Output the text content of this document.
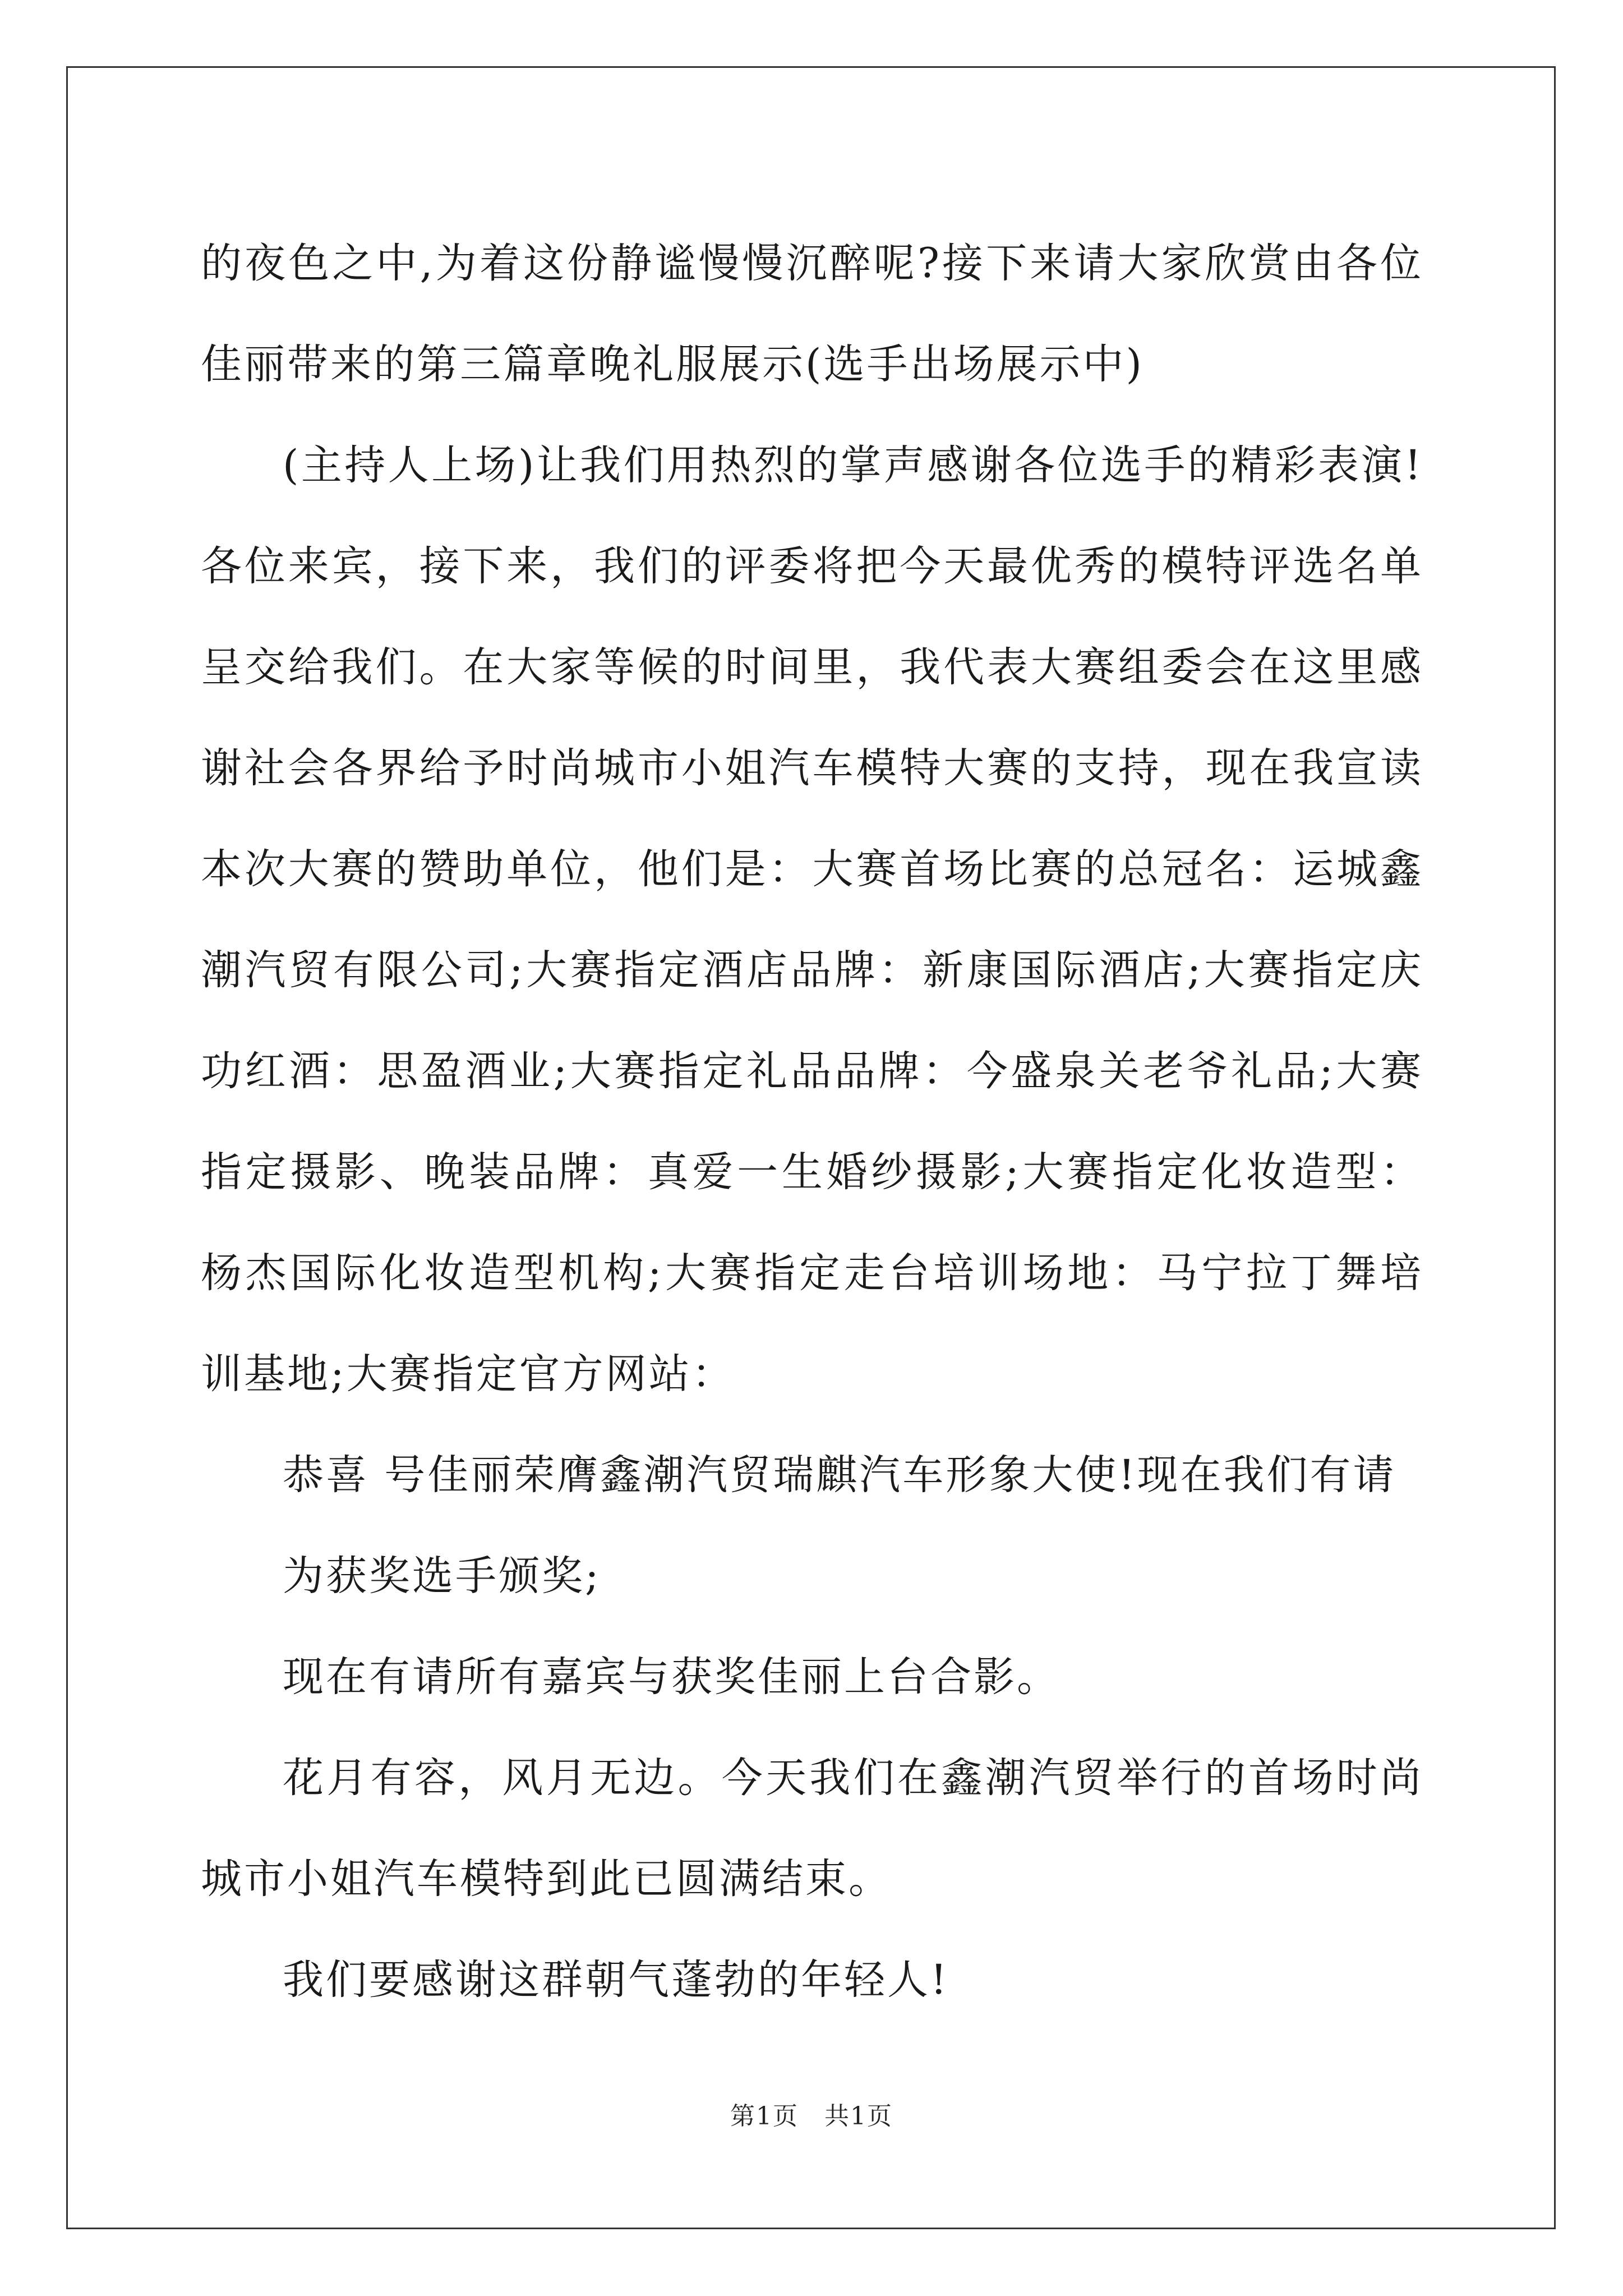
的夜色之中,为着这份静谧慢慢沉醉呢?接下来请大家欣赏由各位佳丽带来的第三篇章晚礼服展示(选手出场展示中)

(主持人上场)让我们用热烈的掌声感谢各位选手的精彩表演!各位来宾，接下来，我们的评委将把今天最优秀的模特评选名单呈交给我们。在大家等候的时间里，我代表大赛组委会在这里感谢社会各界给予时尚城市小姐汽车模特大赛的支持，现在我宣读本次大赛的赞助单位，他们是：大赛首场比赛的总冠名：运城鑫潮汽贸有限公司;大赛指定酒店品牌：新康国际酒店;大赛指定庆功红酒：思盈酒业;大赛指定礼品品牌：今盛泉关老爷礼品;大赛指定摄影、晚装品牌：真爱一生婚纱摄影;大赛指定化妆造型：杨杰国际化妆造型机构;大赛指定走台培训场地：马宁拉丁舞培训基地;大赛指定官方网站：

恭喜 号佳丽荣膺鑫潮汽贸瑞麒汽车形象大使!现在我们有请

为获奖选手颁奖;

现在有请所有嘉宾与获奖佳丽上台合影。

花月有容，风月无边。今天我们在鑫潮汽贸举行的首场时尚城市小姐汽车模特到此已圆满结束。

我们要感谢这群朝气蓬勃的年轻人!

第1页　共1页
